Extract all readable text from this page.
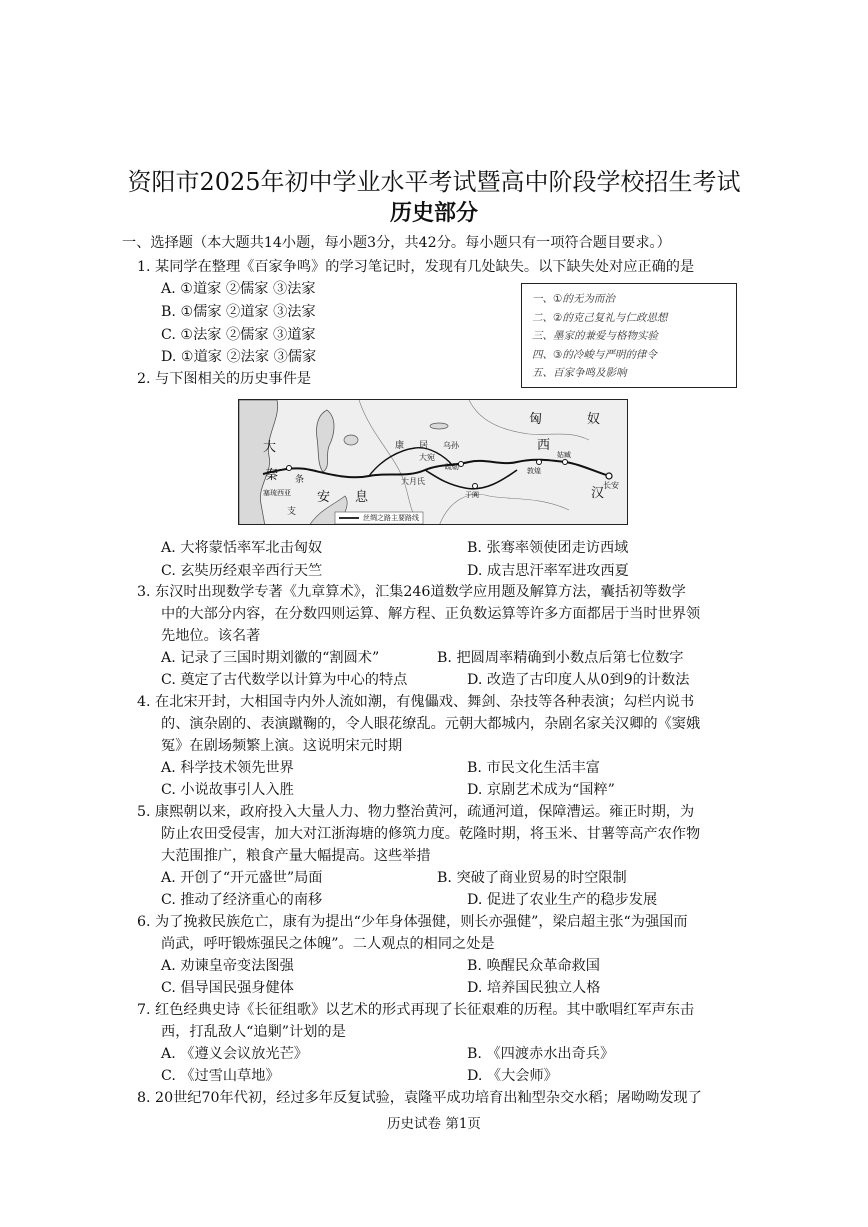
资阳市2025年初中学业水平考试暨高中阶段学校招生考试
历史部分
一、选择题（本大题共14小题，每小题3分，共42分。每小题只有一项符合题目要求。）
1. 某同学在整理《百家争鸣》的学习笔记时，发现有几处缺失。以下缺失处对应正确的是
A. ①道家 ②儒家 ③法家
B. ①儒家 ②道家 ③法家
C. ①法家 ②儒家 ③道家
D. ①道家 ②法家 ③儒家
一、①的无为而治
二、②的克己复礼与仁政思想
三、墨家的兼爱与格物实验
四、③的冷峻与严明的律令
五、百家争鸣及影响
2. 与下图相关的历史事件是
匈	奴
西
汉
长安
大
秦
安 息
支
康 居
条
大宛
大月氏
乌孙
疏勒
于阗
姑臧
敦煌
塞琉西亚
丝绸之路主要路线
A. 大将蒙恬率军北击匈奴	B. 张骞率领使团走访西域
C. 玄奘历经艰辛西行天竺	D. 成吉思汗率军进攻西夏
3. 东汉时出现数学专著《九章算术》，汇集246道数学应用题及解算方法，囊括初等数学
中的大部分内容，在分数四则运算、解方程、正负数运算等许多方面都居于当时世界领
先地位。该名著
A. 记录了三国时期刘徽的“割圆术”	B. 把圆周率精确到小数点后第七位数字
C. 奠定了古代数学以计算为中心的特点	D. 改造了古印度人从0到9的计数法
4. 在北宋开封，大相国寺内外人流如潮，有傀儡戏、舞剑、杂技等各种表演；勾栏内说书
的、演杂剧的、表演蹴鞠的，令人眼花缭乱。元朝大都城内，杂剧名家关汉卿的《窦娥
冤》在剧场频繁上演。这说明宋元时期
A. 科学技术领先世界	B. 市民文化生活丰富
C. 小说故事引人入胜	D. 京剧艺术成为“国粹”
5. 康熙朝以来，政府投入大量人力、物力整治黄河，疏通河道，保障漕运。雍正时期，为
防止农田受侵害，加大对江浙海塘的修筑力度。乾隆时期，将玉米、甘薯等高产农作物
大范围推广，粮食产量大幅提高。这些举措
A. 开创了“开元盛世”局面	B. 突破了商业贸易的时空限制
C. 推动了经济重心的南移	D. 促进了农业生产的稳步发展
6. 为了挽救民族危亡，康有为提出“少年身体强健，则长亦强健”，梁启超主张“为强国而
尚武，呼吁锻炼强民之体魄”。二人观点的相同之处是
A. 劝谏皇帝变法图强	B. 唤醒民众革命救国
C. 倡导国民强身健体	D. 培养国民独立人格
7. 红色经典史诗《长征组歌》以艺术的形式再现了长征艰难的历程。其中歌唱红军声东击
西，打乱敌人“追剿”计划的是
A. 《遵义会议放光芒》	B. 《四渡赤水出奇兵》
C. 《过雪山草地》	D. 《大会师》
8. 20世纪70年代初，经过多年反复试验，袁隆平成功培育出籼型杂交水稻；屠呦呦发现了
历史试卷 第1页
